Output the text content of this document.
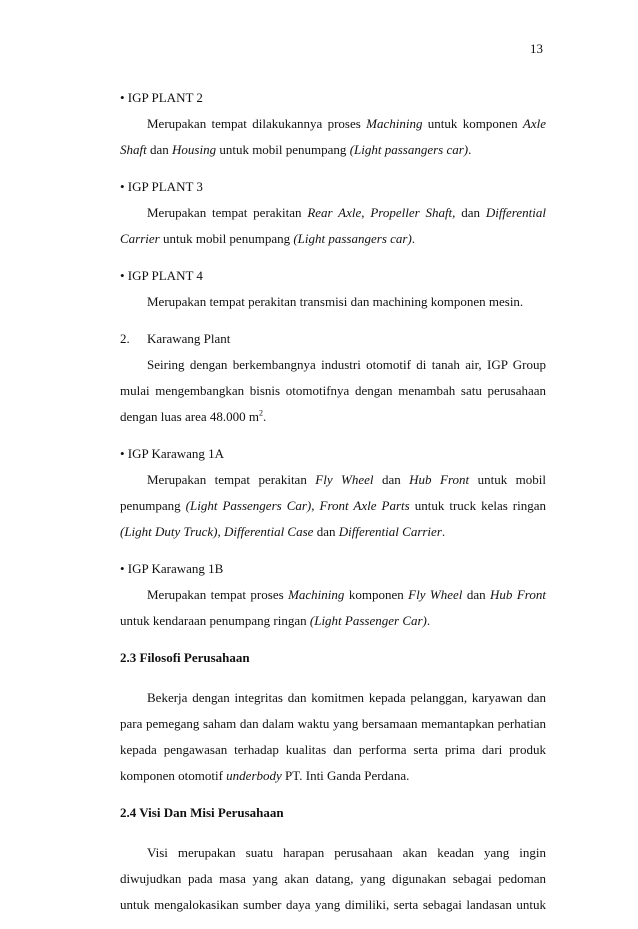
13

• IGP PLANT 2

Merupakan tempat dilakukannya proses Machining untuk komponen Axle Shaft dan Housing untuk mobil penumpang (Light passangers car).

• IGP PLANT 3

Merupakan tempat perakitan Rear Axle, Propeller Shaft, dan Differential Carrier untuk mobil penumpang (Light passangers car).

• IGP PLANT 4

Merupakan tempat perakitan transmisi dan machining komponen mesin.

2. Karawang Plant

Seiring dengan berkembangnya industri otomotif di tanah air, IGP Group mulai mengembangkan bisnis otomotifnya dengan menambah satu perusahaan dengan luas area 48.000 $m^2$.

• IGP Karawang 1A

Merupakan tempat perakitan Fly Wheel dan Hub Front untuk mobil penumpang (Light Passengers Car), Front Axle Parts untuk truck kelas ringan (Light Duty Truck), Differential Case dan Differential Carrier.

• IGP Karawang 1B

Merupakan tempat proses Machining komponen Fly Wheel dan Hub Front untuk kendaraan penumpang ringan (Light Passenger Car).

2.3 Filosofi Perusahaan

Bekerja dengan integritas dan komitmen kepada pelanggan, karyawan dan para pemegang saham dan dalam waktu yang bersamaan memantapkan perhatian kepada pengawasan terhadap kualitas dan performa serta prima dari produk komponen otomotif underbody PT. Inti Ganda Perdana.

2.4 Visi Dan Misi Perusahaan

Visi merupakan suatu harapan perusahaan akan keadan yang ingin diwujudkan pada masa yang akan datang, yang digunakan sebagai pedoman untuk mengalokasikan sumber daya yang dimiliki, serta sebagai landasan untuk
